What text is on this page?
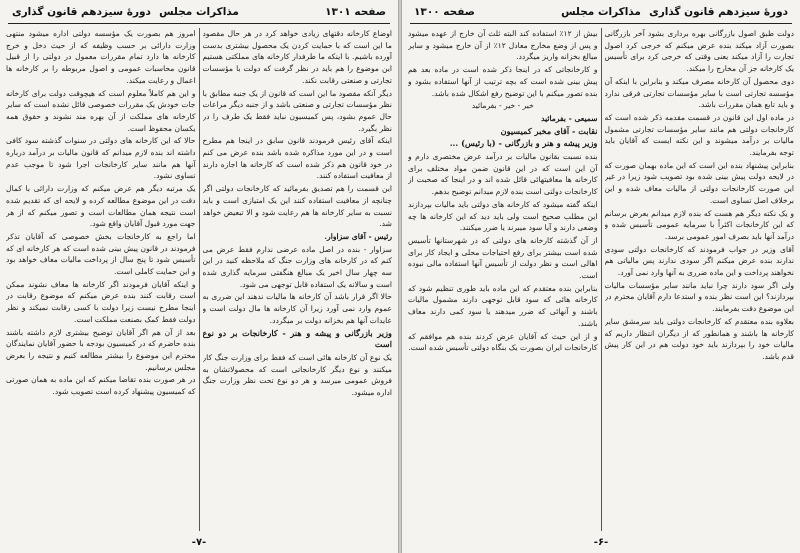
صفحه ۱۳۰۱
مذاکرات مجلس
دورهٔ سیزدهم قانون گذاری

اوضاع کارخانه دقتهای زیادی خواهد کرد در هر حال مقصود ما این است که با حمایت کردن یک محصول بیشتری بدست آورده باشیم. با اینکه ما طرفدار کارخانه های مملکتی هستیم این موضوع را هم باید در نظر گرفت که دولت با مؤسسات تجارتی و صنعتی رقابت نکند.

دیگر آنکه مقصود ما این است که قانون از یک جنبه مطابق با نظر مؤسسات تجارتی و صنعتی باشد و از جنبه دیگر مراعات حال عموم بشود، پس کمیسیون نباید فقط یک طرف را در نظر بگیرد.

اینکه آقای رئیس فرمودند قانون سابق در اینجا هم مطرح است و در این مورد مذاکره شده باشد بنده عرض می کنم در خود قانون هم ذکر شده است که کارخانه ها اجازه دارند از معافیت استفاده کنند.

این قسمت را هم تصدیق بفرمائید که کارخانجات دولتی اگر چنانچه از معافیت استفاده کنند این یک امتیازی است و باید نسبت به سایر کارخانه ها هم رعایت شود و الا تبعیض خواهد شد.

رئیس - آقای سزاوار.

سزاوار - بنده در اصل ماده عرضی ندارم فقط عرض می کنم که در کارخانه های وزارت جنگ که ملاحظه کنید در این سه چهار سال اخیر یک مبالغ هنگفتی سرمایه گذاری شده است و سالانه یک استفاده قابل توجهی می شود.

حالا اگر قرار باشد آن کارخانه ها مالیات ندهند این ضرری به عموم وارد نمی آورد زیرا آن کارخانه ها مال دولت است و عایدات آنها هم بخزانه دولت بر میگردد.

وزیر بازرگانی و پیشه و هنر - کارخانجات بر دو نوع است

یک نوع آن کارخانه هائی است که فقط برای وزارت جنگ کار میکنند و نوع دیگر کارخانجاتی است که محصولاتشان به فروش عمومی میرسد و هر دو نوع تحت نظر وزارت جنگ اداره میشود.

امروز هم بصورت یک مؤسسه دولتی اداره میشود منتهی وزارت دارائی بر حسب وظیفه که از حیث دخل و خرج کارخانه ها دارد تمام مقررات معمول در دولتی را از قبیل قانون محاسبات عمومی و اصول مربوطه را بر کارخانه ها اعمال و رعایت میکند.

و این هم کاملاً معلوم است که هیچوقت دولت برای کارخانه جات خودش یک مقررات خصوصی قائل نشده است که سایر کارخانه های مملکت از آن بهره مند نشوند و حقوق همه یکسان محفوظ است.

حالا که این کارخانه های دولتی در سنوات گذشته سود کافی داشته اند بنده لازم میدانم که قانون مالیات بر درآمد درباره آنها هم مانند سایر کارخانجات اجرا شود تا موجب عدم تساوی نشود.

یک مرتبه دیگر هم عرض میکنم که وزارت دارائی با کمال دقت در این موضوع مطالعه کرده و لایحه ای که تقدیم شده است نتیجه همان مطالعات است و تصور میکنم که از هر جهت مورد قبول آقایان واقع شود.

اما راجع به کارخانجات بخش خصوصی که آقایان تذکر فرمودند در قانون پیش بینی شده است که هر کارخانه ای که تأسیس شود تا پنج سال از پرداخت مالیات معاف خواهد بود و این حمایت کاملی است.

و اینکه آقایان فرمودند اگر کارخانه ها معاف نشوند ممکن است رقابت کنند بنده عرض میکنم که موضوع رقابت در اینجا مطرح نیست زیرا دولت با کسی رقابت نمیکند و نظر دولت فقط کمک بصنعت مملکت است.

بعد از آن هم اگر آقایان توضیح بیشتری لازم داشته باشند بنده حاضرم که در کمیسیون بودجه با حضور آقایان نمایندگان محترم این موضوع را بیشتر مطالعه کنیم و نتیجه را بعرض مجلس برسانیم.

در هر صورت بنده تقاضا میکنم که این ماده به همان صورتی که کمیسیون پیشنهاد کرده است تصویب شود.

-۷-
دورهٔ سیزدهم قانون گذاری
مذاکرات مجلس
صفحه ۱۳۰۰

دولت طبق اصول بازرگانی بهره برداری بشود آخر بازرگانی بصورت آزاد میکند بنده عرض میکنم که خرجی کرد اصول تجارت را آزاد میکند یعنی وقتی که خرجی کرد برای تأسیس یک کارخانه جز آن مخارج را میکند.

دوی محصول آن کارخانه مصرف میکند و بنابراین با اینکه آن مؤسسه تجارتی است با سایر مؤسسات تجارتی فرقی ندارد و باید تابع همان مقررات باشد.

در ماده اول این قانون در قسمت مقدمه ذکر شده است که کارخانجات دولتی هم مانند سایر مؤسسات تجارتی مشمول مالیات بر درآمد میشوند و این نکته ایست که آقایان باید توجه بفرمایند.

بنابراین پیشنهاد بنده این است که این ماده بهمان صورت که در لایحه دولت پیش بینی شده بود تصویب شود زیرا در غیر این صورت کارخانجات دولتی از مالیات معاف شده و این برخلاف اصل تساوی است.

و یک نکته دیگر هم هست که بنده لازم میدانم بعرض برسانم که این کارخانجات اکثراً با سرمایه عمومی تأسیس شده و درآمد آنها باید بصرف امور عمومی برسد.

آقای وزیر در جواب فرمودند که کارخانجات دولتی سودی ندارند بنده عرض میکنم اگر سودی ندارند پس مالیاتی هم نخواهند پرداخت و این ماده ضرری به آنها وارد نمی آورد.

ولی اگر سود دارند چرا نباید مانند سایر مؤسسات مالیات بپردازند؟ این است نظر بنده و استدعا دارم آقایان محترم در این موضوع دقت بفرمایند.

بعلاوه بنده معتقدم که کارخانجات دولتی باید سرمشق سایر کارخانه ها باشند و همانطور که از دیگران انتظار داریم که مالیات خود را بپردازند باید خود دولت هم در این کار پیش قدم باشد.

بیش از ۱۲٪ استفاده کند البته ثلث آن خارج از عهده میشود و پس از وضع مخارج معادل ۱۲٪ از آن خارج میشود و سایر مبالغ بخزانه واریز میگردد.

و کارخانجاتی که در اینجا ذکر شده است در ماده بعد هم پیش بینی شده است که بچه ترتیب از آنها استفاده بشود و بنده تصور میکنم با این توضیح رفع اشکال شده باشد.

خیر - خیر - بفرمائید

سمیعی - بفرمائید

نقابت - آقای مخبر کمیسیون

وزیر پیشه و هنر و بازرگانی - (با رئیس) ...

بنده نسبت بقانون مالیات بر درآمد عرض مختصری دارم و آن این است که در این قانون ضمن مواد مختلف برای کارخانه ها معافیتهائی قائل شده اند و در اینجا که صحبت از کارخانجات دولتی است بنده لازم میدانم توضیح بدهم.

اینکه گفته میشود که کارخانه های دولتی باید مالیات بپردازند این مطلب صحیح است ولی باید دید که این کارخانه ها چه وضعی دارند و آیا سود میبرند یا ضرر میکنند.

از آن گذشته کارخانه های دولتی که در شهرستانها تأسیس شده است بیشتر برای رفع احتیاجات محلی و ایجاد کار برای اهالی است و نظر دولت از تأسیس آنها استفاده مالی نبوده است.

بنابراین بنده معتقدم که این ماده باید طوری تنظیم شود که کارخانه هائی که سود قابل توجهی دارند مشمول مالیات باشند و آنهائی که ضرر میدهند یا سود کمی دارند معاف باشند.

و از این حیث که آقایان عرض کردند بنده هم موافقم که کارخانجات ایران بصورت یک بنگاه دولتی تأسیس شده است.

-۶-
